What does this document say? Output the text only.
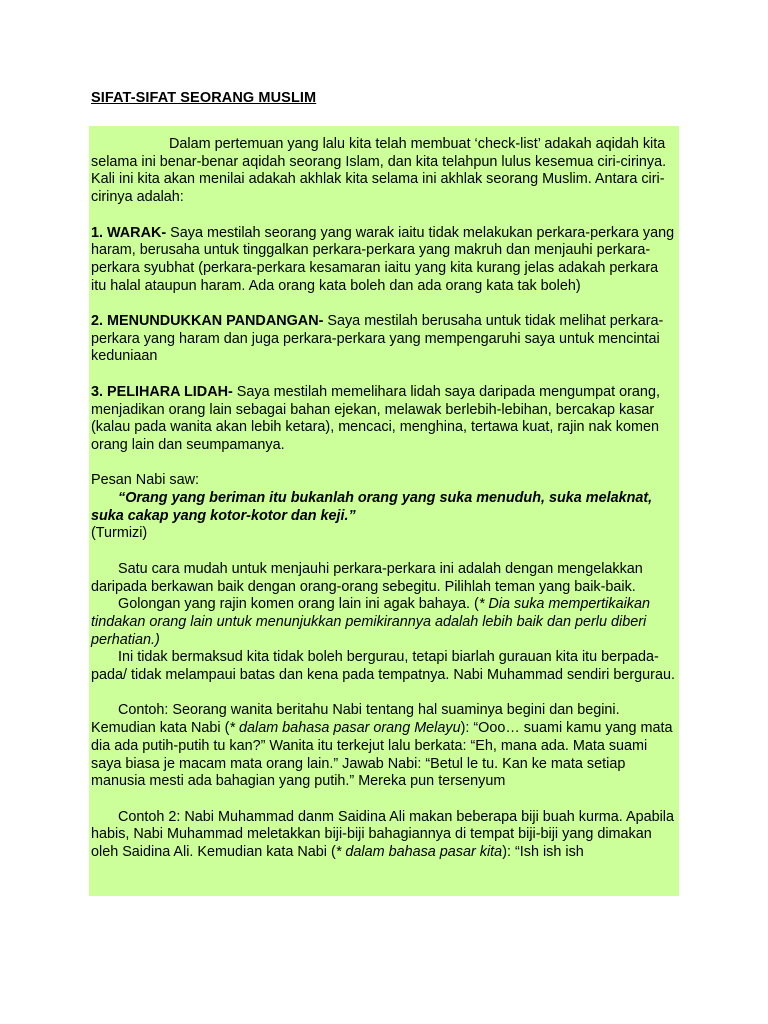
SIFAT-SIFAT SEORANG MUSLIM

Dalam pertemuan yang lalu kita telah membuat ‘check-list’ adakah aqidah kita selama ini benar-benar aqidah seorang Islam, dan kita telahpun lulus kesemua ciri-cirinya. Kali ini kita akan menilai adakah akhlak kita selama ini akhlak seorang Muslim. Antara ciri-cirinya adalah:

1. WARAK- Saya mestilah seorang yang warak iaitu tidak melakukan perkara-perkara yang haram, berusaha untuk tinggalkan perkara-perkara yang makruh dan menjauhi perkara-perkara syubhat (perkara-perkara kesamaran iaitu yang kita kurang jelas adakah perkara itu halal ataupun haram. Ada orang kata boleh dan ada orang kata tak boleh)

2. MENUNDUKKAN PANDANGAN- Saya mestilah berusaha untuk tidak melihat perkara-perkara yang haram dan juga perkara-perkara yang mempengaruhi saya untuk mencintai keduniaan

3. PELIHARA LIDAH- Saya mestilah memelihara lidah saya daripada mengumpat orang, menjadikan orang lain sebagai bahan ejekan, melawak berlebih-lebihan, bercakap kasar (kalau pada wanita akan lebih ketara), mencaci, menghina, tertawa kuat, rajin nak komen orang lain dan seumpamanya.

Pesan Nabi saw:

“Orang yang beriman itu bukanlah orang yang suka menuduh, suka melaknat, suka cakap yang kotor-kotor dan keji.”

(Turmizi)

Satu cara mudah untuk menjauhi perkara-perkara ini adalah dengan mengelakkan daripada berkawan baik dengan orang-orang sebegitu. Pilihlah teman yang baik-baik.

Golongan yang rajin komen orang lain ini agak bahaya. (* Dia suka mempertikaikan tindakan orang lain untuk menunjukkan pemikirannya adalah lebih baik dan perlu diberi perhatian.)

Ini tidak bermaksud kita tidak boleh bergurau, tetapi biarlah gurauan kita itu berpada-pada/ tidak melampaui batas dan kena pada tempatnya. Nabi Muhammad sendiri bergurau.

Contoh: Seorang wanita beritahu Nabi tentang hal suaminya begini dan begini. Kemudian kata Nabi (* dalam bahasa pasar orang Melayu): “Ooo… suami kamu yang mata dia ada putih-putih tu kan?” Wanita itu terkejut lalu berkata: “Eh, mana ada. Mata suami saya biasa je macam mata orang lain.” Jawab Nabi: “Betul le tu. Kan ke mata setiap manusia mesti ada bahagian yang putih.” Mereka pun tersenyum

Contoh 2: Nabi Muhammad danm Saidina Ali makan beberapa biji buah kurma. Apabila habis, Nabi Muhammad meletakkan biji-biji bahagiannya di tempat biji-biji yang dimakan oleh Saidina Ali. Kemudian kata Nabi (* dalam bahasa pasar kita): “Ish ish ish
